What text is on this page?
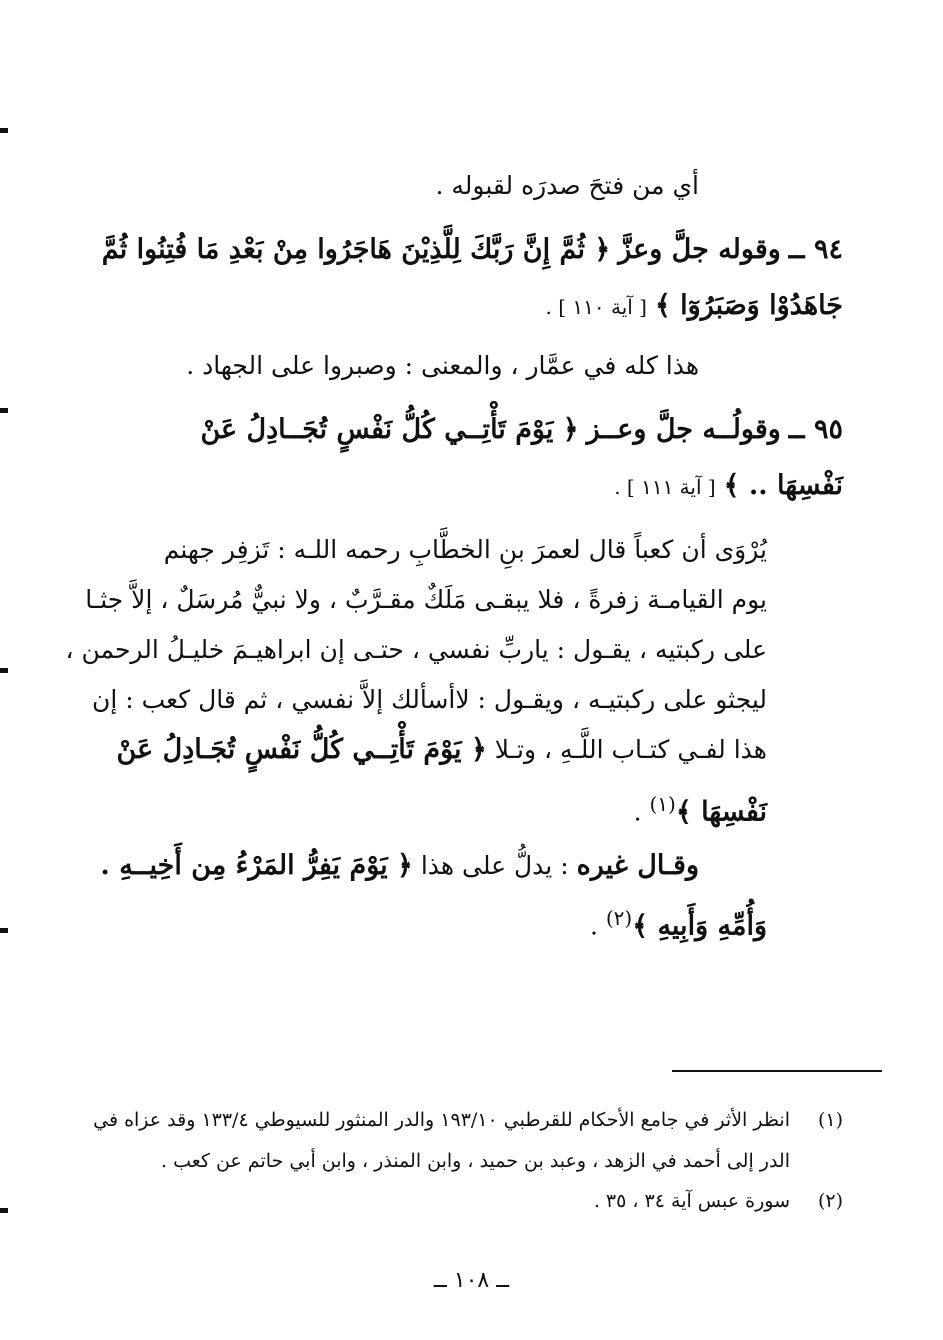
أي من فتحَ صدرَه لقبوله .
٩٤ ــ وقوله جلَّ وعزَّ ﴿ ثُمَّ إِنَّ رَبَّكَ لِلَّذِيْنَ هَاجَرُوا مِنْ بَعْدِ مَا فُتِنُوا ثُمَّ
جَاهَدُوْا وَصَبَرُوٓا ﴾ [ آية ١١٠ ] .
هذا كله في عمَّار ، والمعنى : وصبروا على الجهاد .
٩٥ ــ وقولُــه جلَّ وعــز ﴿ يَوْمَ تَأْتِــي كُلُّ نَفْسٍ تُجَــادِلُ عَنْ
نَفْسِهَا .. ﴾ [ آية ١١١ ] .
يُرْوَى أن كعباً قال لعمرَ بنِ الخطَّابِ رحمه اللـه : تَزفِر جهنم
يوم القيامـة زفرةً ، فلا يبقـى مَلَكٌ مقـرَّبٌ ، ولا نبيٌّ مُرسَلٌ ، إلاَّ جثـا
على ركبتيه ، يقـول : ياربِّ نفسي ، حتـى إن ابراهيـمَ خليـلُ الرحمن ،
ليجثو على ركبتيـه ، ويقـول : لاأسألك إلاَّ نفسي ، ثم قال كعب : إن
هذا لفـي كتـاب اللَّـهِ ، وتـلا ﴿ يَوْمَ تَأْتِــي كُلُّ نَفْسٍ تُجَـادِلُ عَنْ
نَفْسِهَا ﴾$^{(١)}$ .
وقـال غيره : يدلُّ على هذا ﴿ يَوْمَ يَفِرُّ المَرْءُ مِن أَخِيــهِ .
وَأُمِّهِ وَأَبِيهِ ﴾$^{(٢)}$ .
(١)
انظر الأثر في جامع الأحكام للقرطبي ١٩٣/١٠ والدر المنثور للسيوطي ١٣٣/٤ وقد عزاه في
الدر إلى أحمد في الزهد ، وعبد بن حميد ، وابن المنذر ، وابن أبي حاتم عن كعب .
(٢)
سورة عبس آية ٣٤ ، ٣٥ .
ــ ١٠٨ ــ
